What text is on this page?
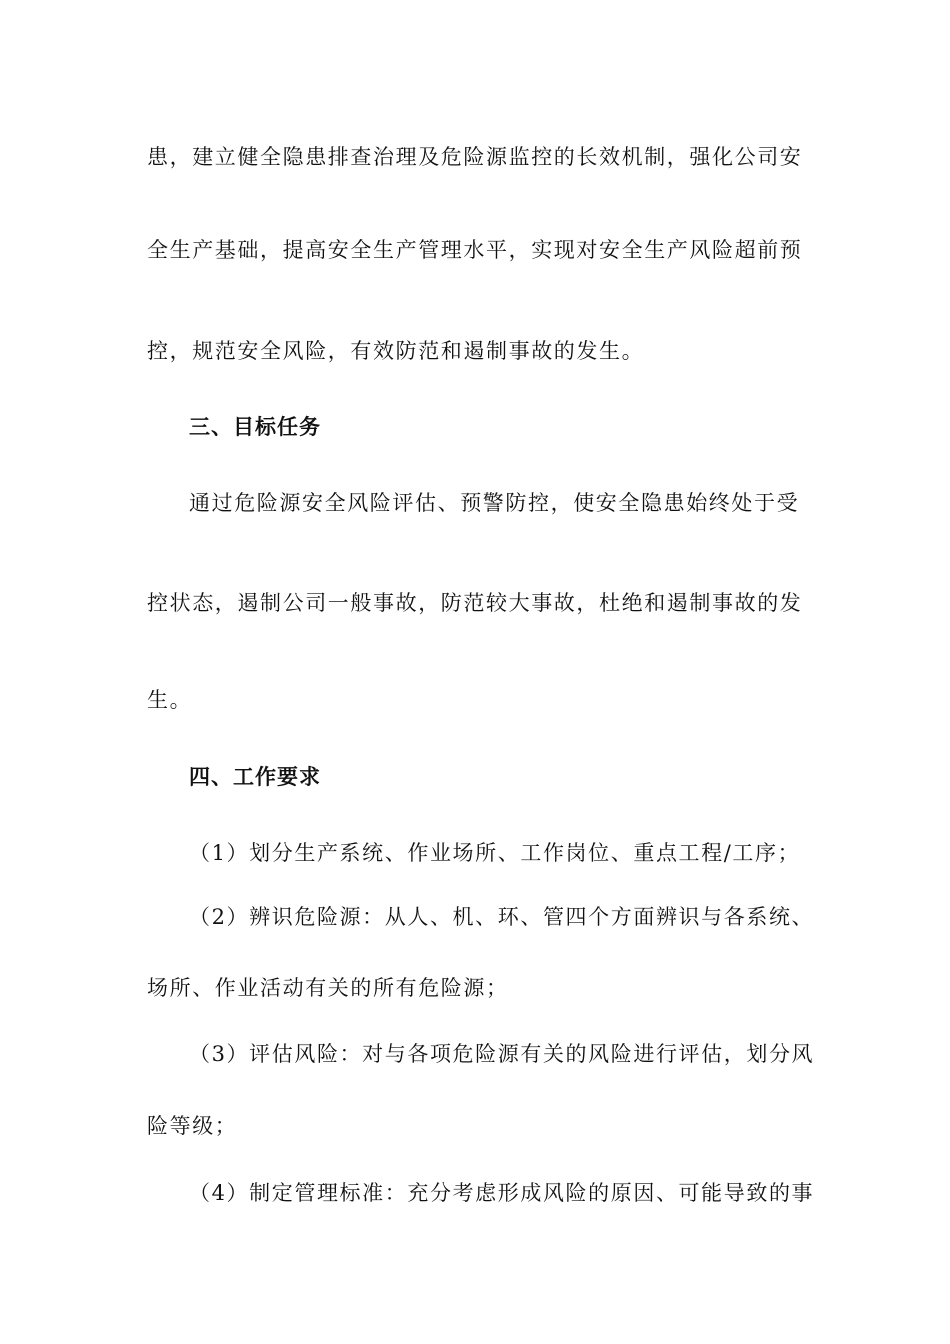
患，建立健全隐患排查治理及危险源监控的长效机制，强化公司安
全生产基础，提高安全生产管理水平，实现对安全生产风险超前预
控，规范安全风险，有效防范和遏制事故的发生。
三、目标任务
通过危险源安全风险评估、预警防控，使安全隐患始终处于受
控状态，遏制公司一般事故，防范较大事故，杜绝和遏制事故的发
生。
四、工作要求
（1）划分生产系统、作业场所、工作岗位、重点工程/工序；
（2）辨识危险源：从人、机、环、管四个方面辨识与各系统、
场所、作业活动有关的所有危险源；
（3）评估风险：对与各项危险源有关的风险进行评估，划分风
险等级；
（4）制定管理标准：充分考虑形成风险的原因、可能导致的事
